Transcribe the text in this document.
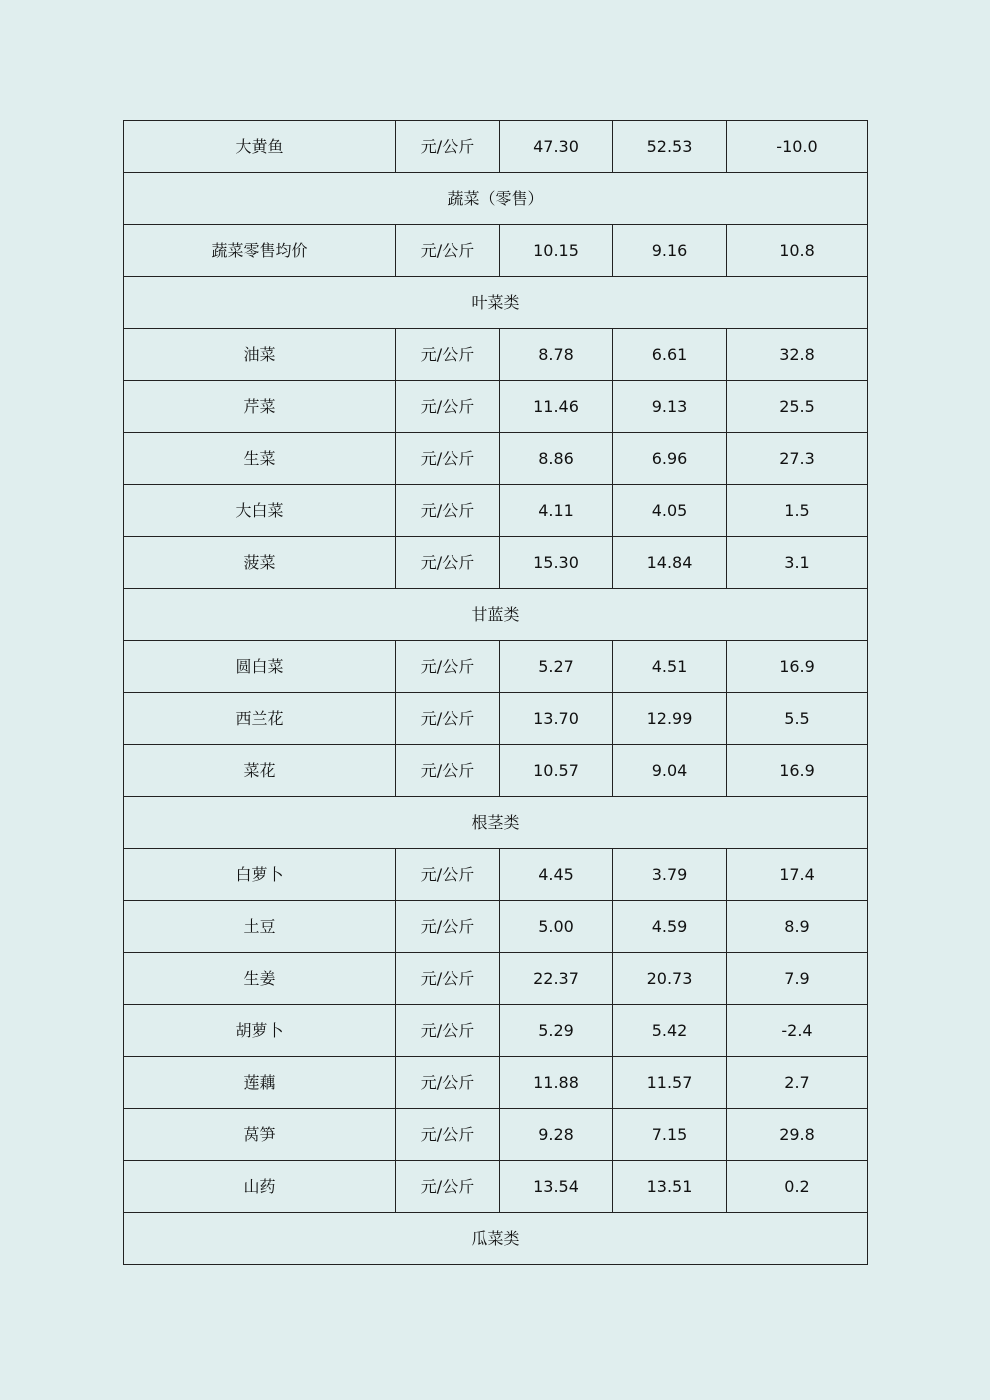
大黄鱼	元/公斤	47.30	52.53	-10.0
蔬菜（零售）				
蔬菜零售均价	元/公斤	10.15	9.16	10.8
叶菜类				
油菜	元/公斤	8.78	6.61	32.8
芹菜	元/公斤	11.46	9.13	25.5
生菜	元/公斤	8.86	6.96	27.3
大白菜	元/公斤	4.11	4.05	1.5
菠菜	元/公斤	15.30	14.84	3.1
甘蓝类				
圆白菜	元/公斤	5.27	4.51	16.9
西兰花	元/公斤	13.70	12.99	5.5
菜花	元/公斤	10.57	9.04	16.9
根茎类				
白萝卜	元/公斤	4.45	3.79	17.4
土豆	元/公斤	5.00	4.59	8.9
生姜	元/公斤	22.37	20.73	7.9
胡萝卜	元/公斤	5.29	5.42	-2.4
莲藕	元/公斤	11.88	11.57	2.7
莴笋	元/公斤	9.28	7.15	29.8
山药	元/公斤	13.54	13.51	0.2
瓜菜类				
